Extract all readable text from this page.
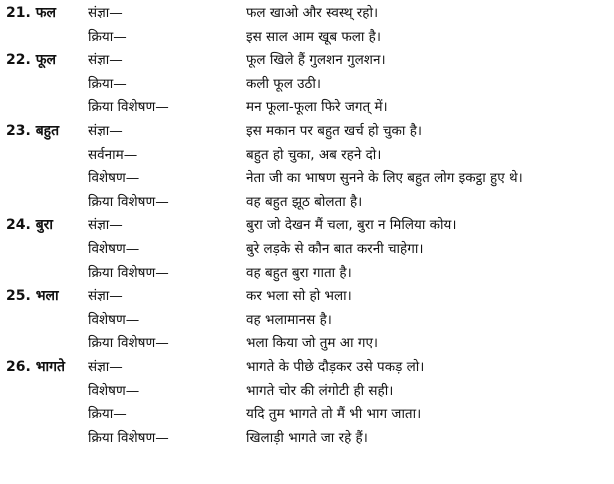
21. फल संज्ञा—	फल खाओ और स्वस्थ् रहो।
क्रिया—	इस साल आम खूब फला है।
22. फूल संज्ञा—	फूल खिले हैं गुलशन गुलशन।
क्रिया—	कली फूल उठी।
क्रिया विशेषण—	मन फूला-फूला फिरे जगत् में।
23. बहुत संज्ञा—	इस मकान पर बहुत खर्च हो चुका है।
सर्वनाम—	बहुत हो चुका, अब रहने दो।
विशेषण—	नेता जी का भाषण सुनने के लिए बहुत लोग इकट्ठा हुए थे।
क्रिया विशेषण—	वह बहुत झूठ बोलता है।
24. बुरा	संज्ञा—	बुरा जो देखन मैं चला, बुरा न मिलिया कोय।
विशेषण—	बुरे लड़के से कौन बात करनी चाहेगा।
क्रिया विशेषण—	वह बहुत बुरा गाता है।
25. भला संज्ञा—	कर भला सो हो भला।
विशेषण—	वह भलामानस है।
क्रिया विशेषण—	भला किया जो तुम आ गए।
26. भागते संज्ञा—	भागते के पीछे दौड़कर उसे पकड़ लो।
विशेषण—	भागते चोर की लंगोटी ही सही।
क्रिया—	यदि तुम भागते तो मैं भी भाग जाता।
क्रिया विशेषण—	खिलाड़ी भागते जा रहे हैं।
